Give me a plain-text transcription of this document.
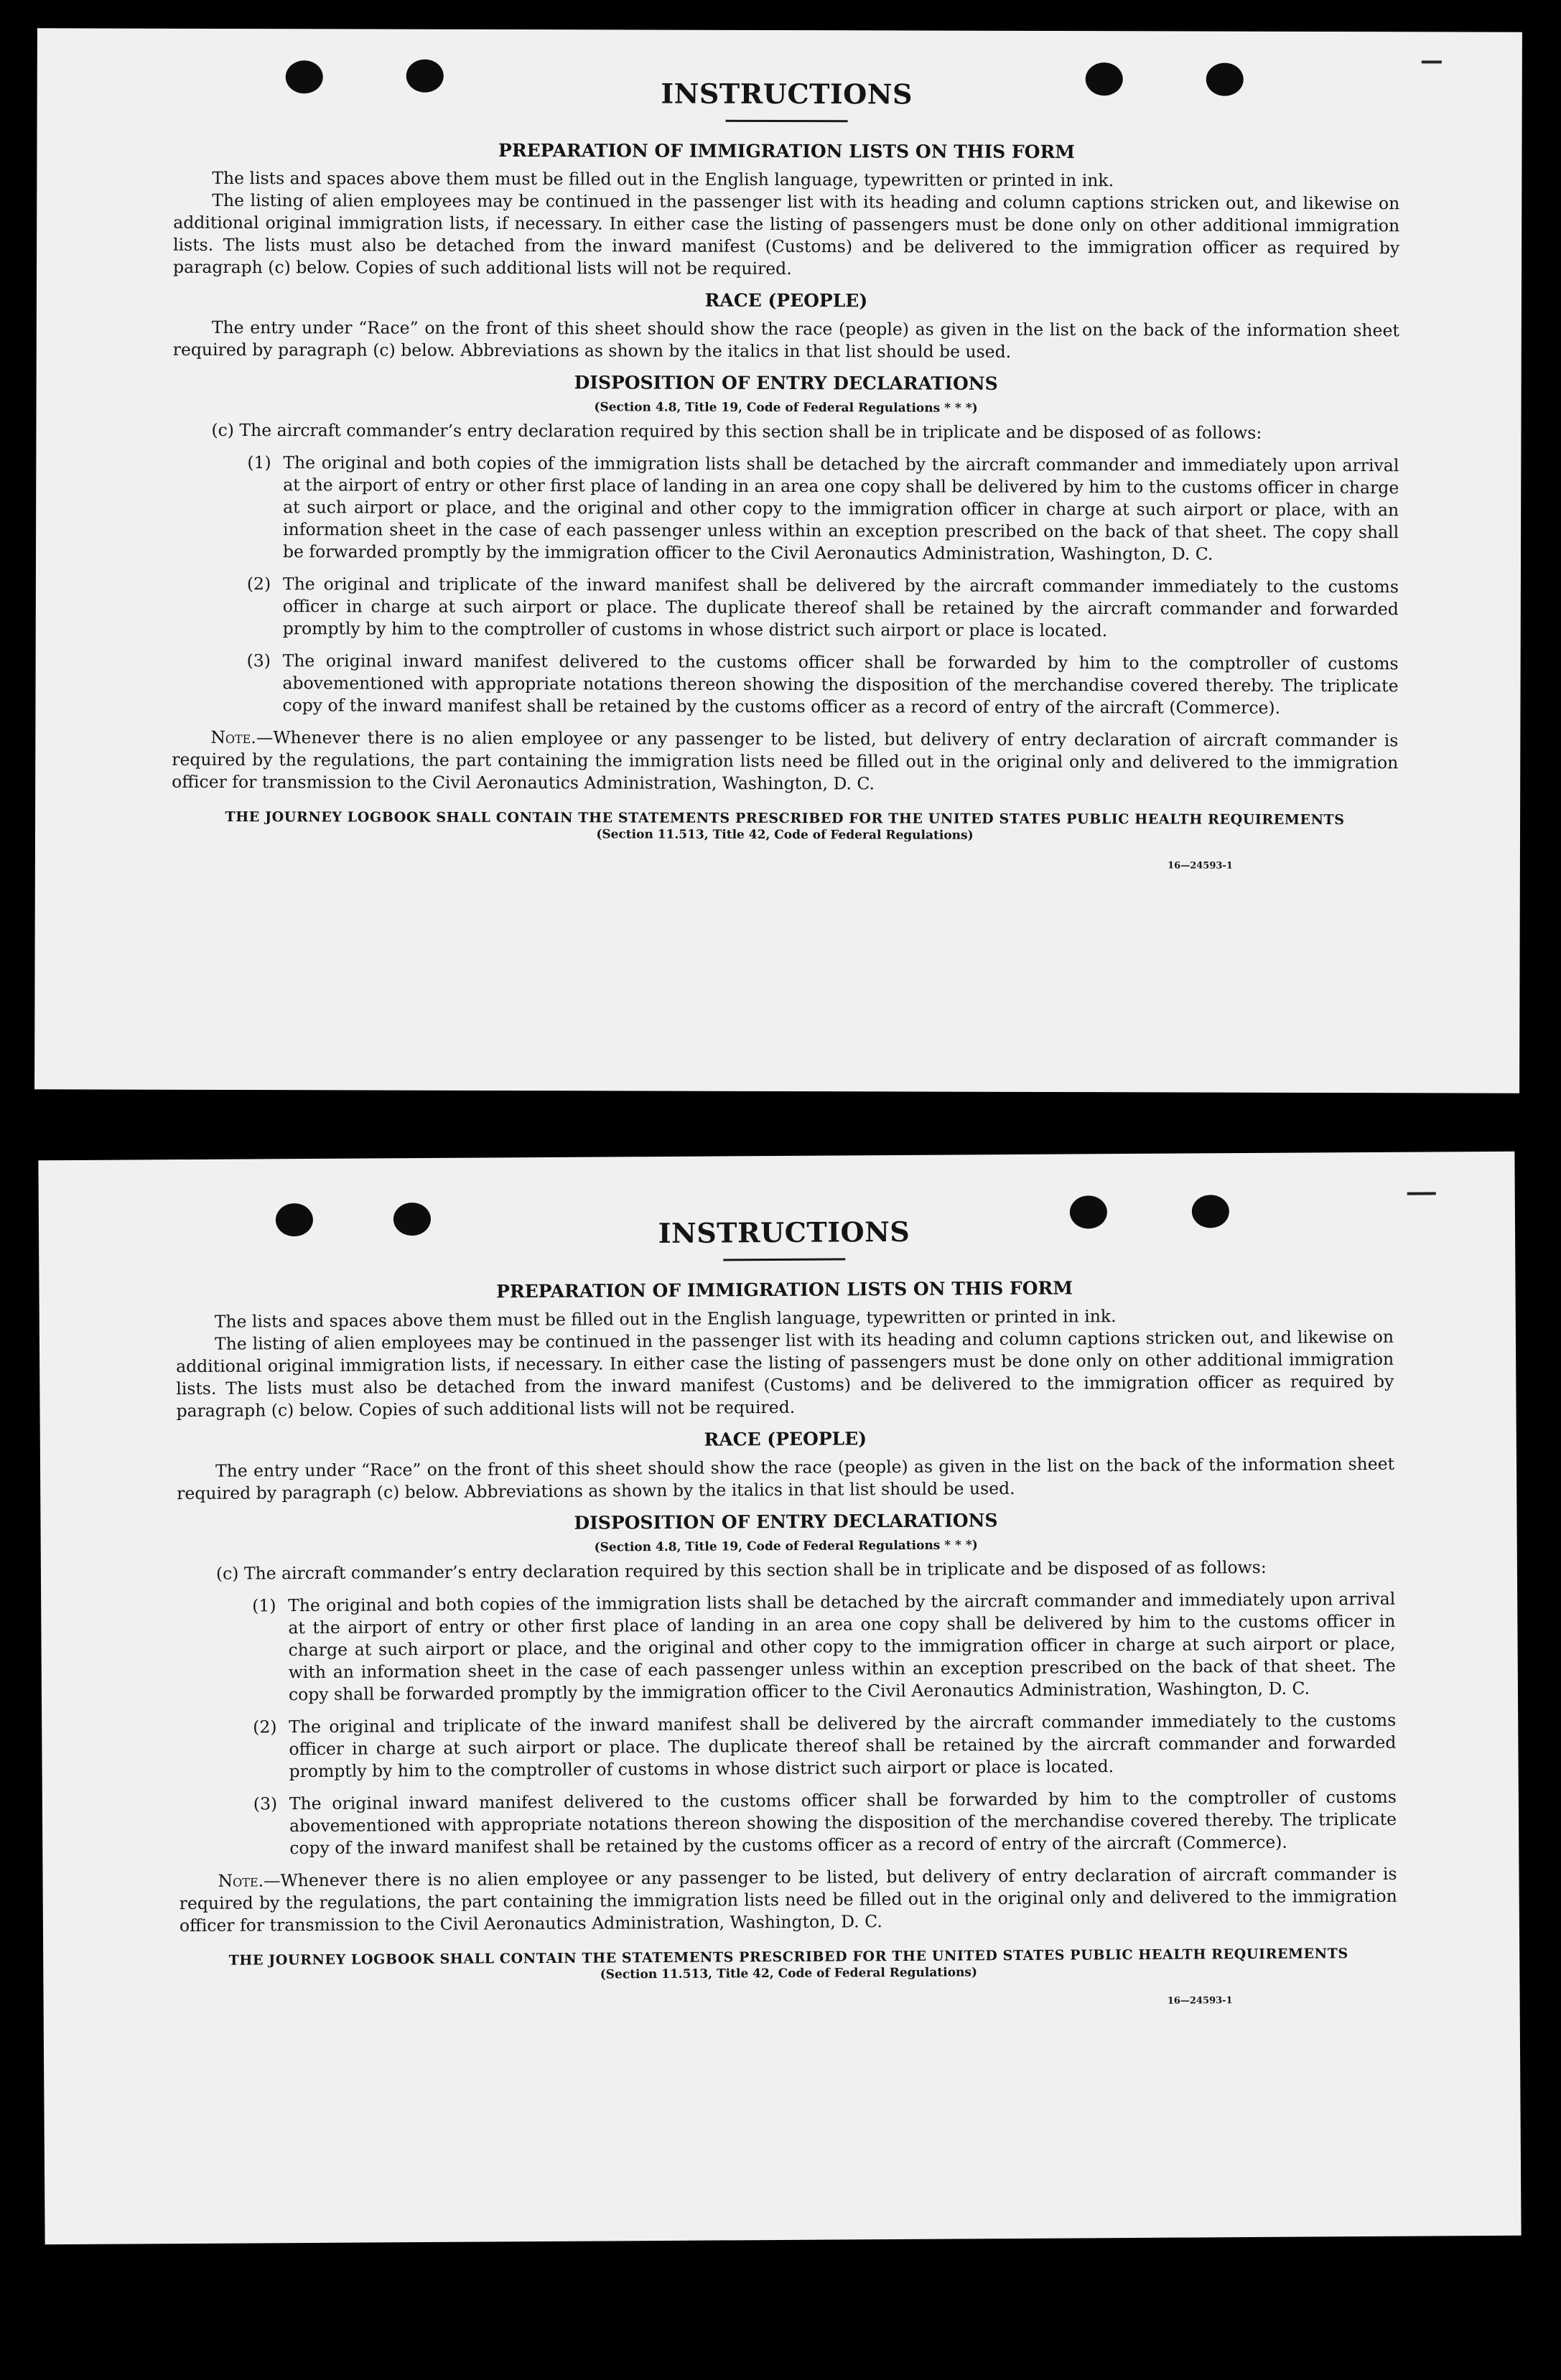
INSTRUCTIONS
PREPARATION OF IMMIGRATION LISTS ON THIS FORM

The lists and spaces above them must be filled out in the English language, typewritten or printed in ink.

The listing of alien employees may be continued in the passenger list with its heading and column captions stricken out, and likewise on additional original immigration lists, if necessary. In either case the listing of passengers must be done only on other additional immigration lists. The lists must also be detached from the inward manifest (Customs) and be delivered to the immigration officer as required by paragraph (c) below. Copies of such additional lists will not be required.

RACE (PEOPLE)

The entry under “Race” on the front of this sheet should show the race (people) as given in the list on the back of the information sheet required by paragraph (c) below. Abbreviations as shown by the italics in that list should be used.

DISPOSITION OF ENTRY DECLARATIONS
(Section 4.8, Title 19, Code of Federal Regulations * * *)

(c) The aircraft commander’s entry declaration required by this section shall be in triplicate and be disposed of as follows:

(1) The original and both copies of the immigration lists shall be detached by the aircraft commander and immediately upon arrival at the airport of entry or other first place of landing in an area one copy shall be delivered by him to the customs officer in charge at such airport or place, and the original and other copy to the immigration officer in charge at such airport or place, with an information sheet in the case of each passenger unless within an exception prescribed on the back of that sheet. The copy shall be forwarded promptly by the immigration officer to the Civil Aeronautics Administration, Washington, D. C.
(2) The original and triplicate of the inward manifest shall be delivered by the aircraft commander immediately to the customs officer in charge at such airport or place. The duplicate thereof shall be retained by the aircraft commander and forwarded promptly by him to the comptroller of customs in whose district such airport or place is located.
(3) The original inward manifest delivered to the customs officer shall be forwarded by him to the comptroller of customs abovementioned with appropriate notations thereon showing the disposition of the merchandise covered thereby. The triplicate copy of the inward manifest shall be retained by the customs officer as a record of entry of the aircraft (Commerce).

Note.—Whenever there is no alien employee or any passenger to be listed, but delivery of entry declaration of aircraft commander is required by the regulations, the part containing the immigration lists need be filled out in the original only and delivered to the immigration officer for transmission to the Civil Aeronautics Administration, Washington, D. C.

THE JOURNEY LOGBOOK SHALL CONTAIN THE STATEMENTS PRESCRIBED FOR THE UNITED STATES PUBLIC HEALTH REQUIREMENTS
(Section 11.513, Title 42, Code of Federal Regulations)
16—24593-1
INSTRUCTIONS
PREPARATION OF IMMIGRATION LISTS ON THIS FORM

The lists and spaces above them must be filled out in the English language, typewritten or printed in ink.

The listing of alien employees may be continued in the passenger list with its heading and column captions stricken out, and likewise on additional original immigration lists, if necessary. In either case the listing of passengers must be done only on other additional immigration lists. The lists must also be detached from the inward manifest (Customs) and be delivered to the immigration officer as required by paragraph (c) below. Copies of such additional lists will not be required.

RACE (PEOPLE)

The entry under “Race” on the front of this sheet should show the race (people) as given in the list on the back of the information sheet required by paragraph (c) below. Abbreviations as shown by the italics in that list should be used.

DISPOSITION OF ENTRY DECLARATIONS
(Section 4.8, Title 19, Code of Federal Regulations * * *)

(c) The aircraft commander’s entry declaration required by this section shall be in triplicate and be disposed of as follows:

(1) The original and both copies of the immigration lists shall be detached by the aircraft commander and immediately upon arrival at the airport of entry or other first place of landing in an area one copy shall be delivered by him to the customs officer in charge at such airport or place, and the original and other copy to the immigration officer in charge at such airport or place, with an information sheet in the case of each passenger unless within an exception prescribed on the back of that sheet. The copy shall be forwarded promptly by the immigration officer to the Civil Aeronautics Administration, Washington, D. C.
(2) The original and triplicate of the inward manifest shall be delivered by the aircraft commander immediately to the customs officer in charge at such airport or place. The duplicate thereof shall be retained by the aircraft commander and forwarded promptly by him to the comptroller of customs in whose district such airport or place is located.
(3) The original inward manifest delivered to the customs officer shall be forwarded by him to the comptroller of customs abovementioned with appropriate notations thereon showing the disposition of the merchandise covered thereby. The triplicate copy of the inward manifest shall be retained by the customs officer as a record of entry of the aircraft (Commerce).

Note.—Whenever there is no alien employee or any passenger to be listed, but delivery of entry declaration of aircraft commander is required by the regulations, the part containing the immigration lists need be filled out in the original only and delivered to the immigration officer for transmission to the Civil Aeronautics Administration, Washington, D. C.

THE JOURNEY LOGBOOK SHALL CONTAIN THE STATEMENTS PRESCRIBED FOR THE UNITED STATES PUBLIC HEALTH REQUIREMENTS
(Section 11.513, Title 42, Code of Federal Regulations)
16—24593-1
